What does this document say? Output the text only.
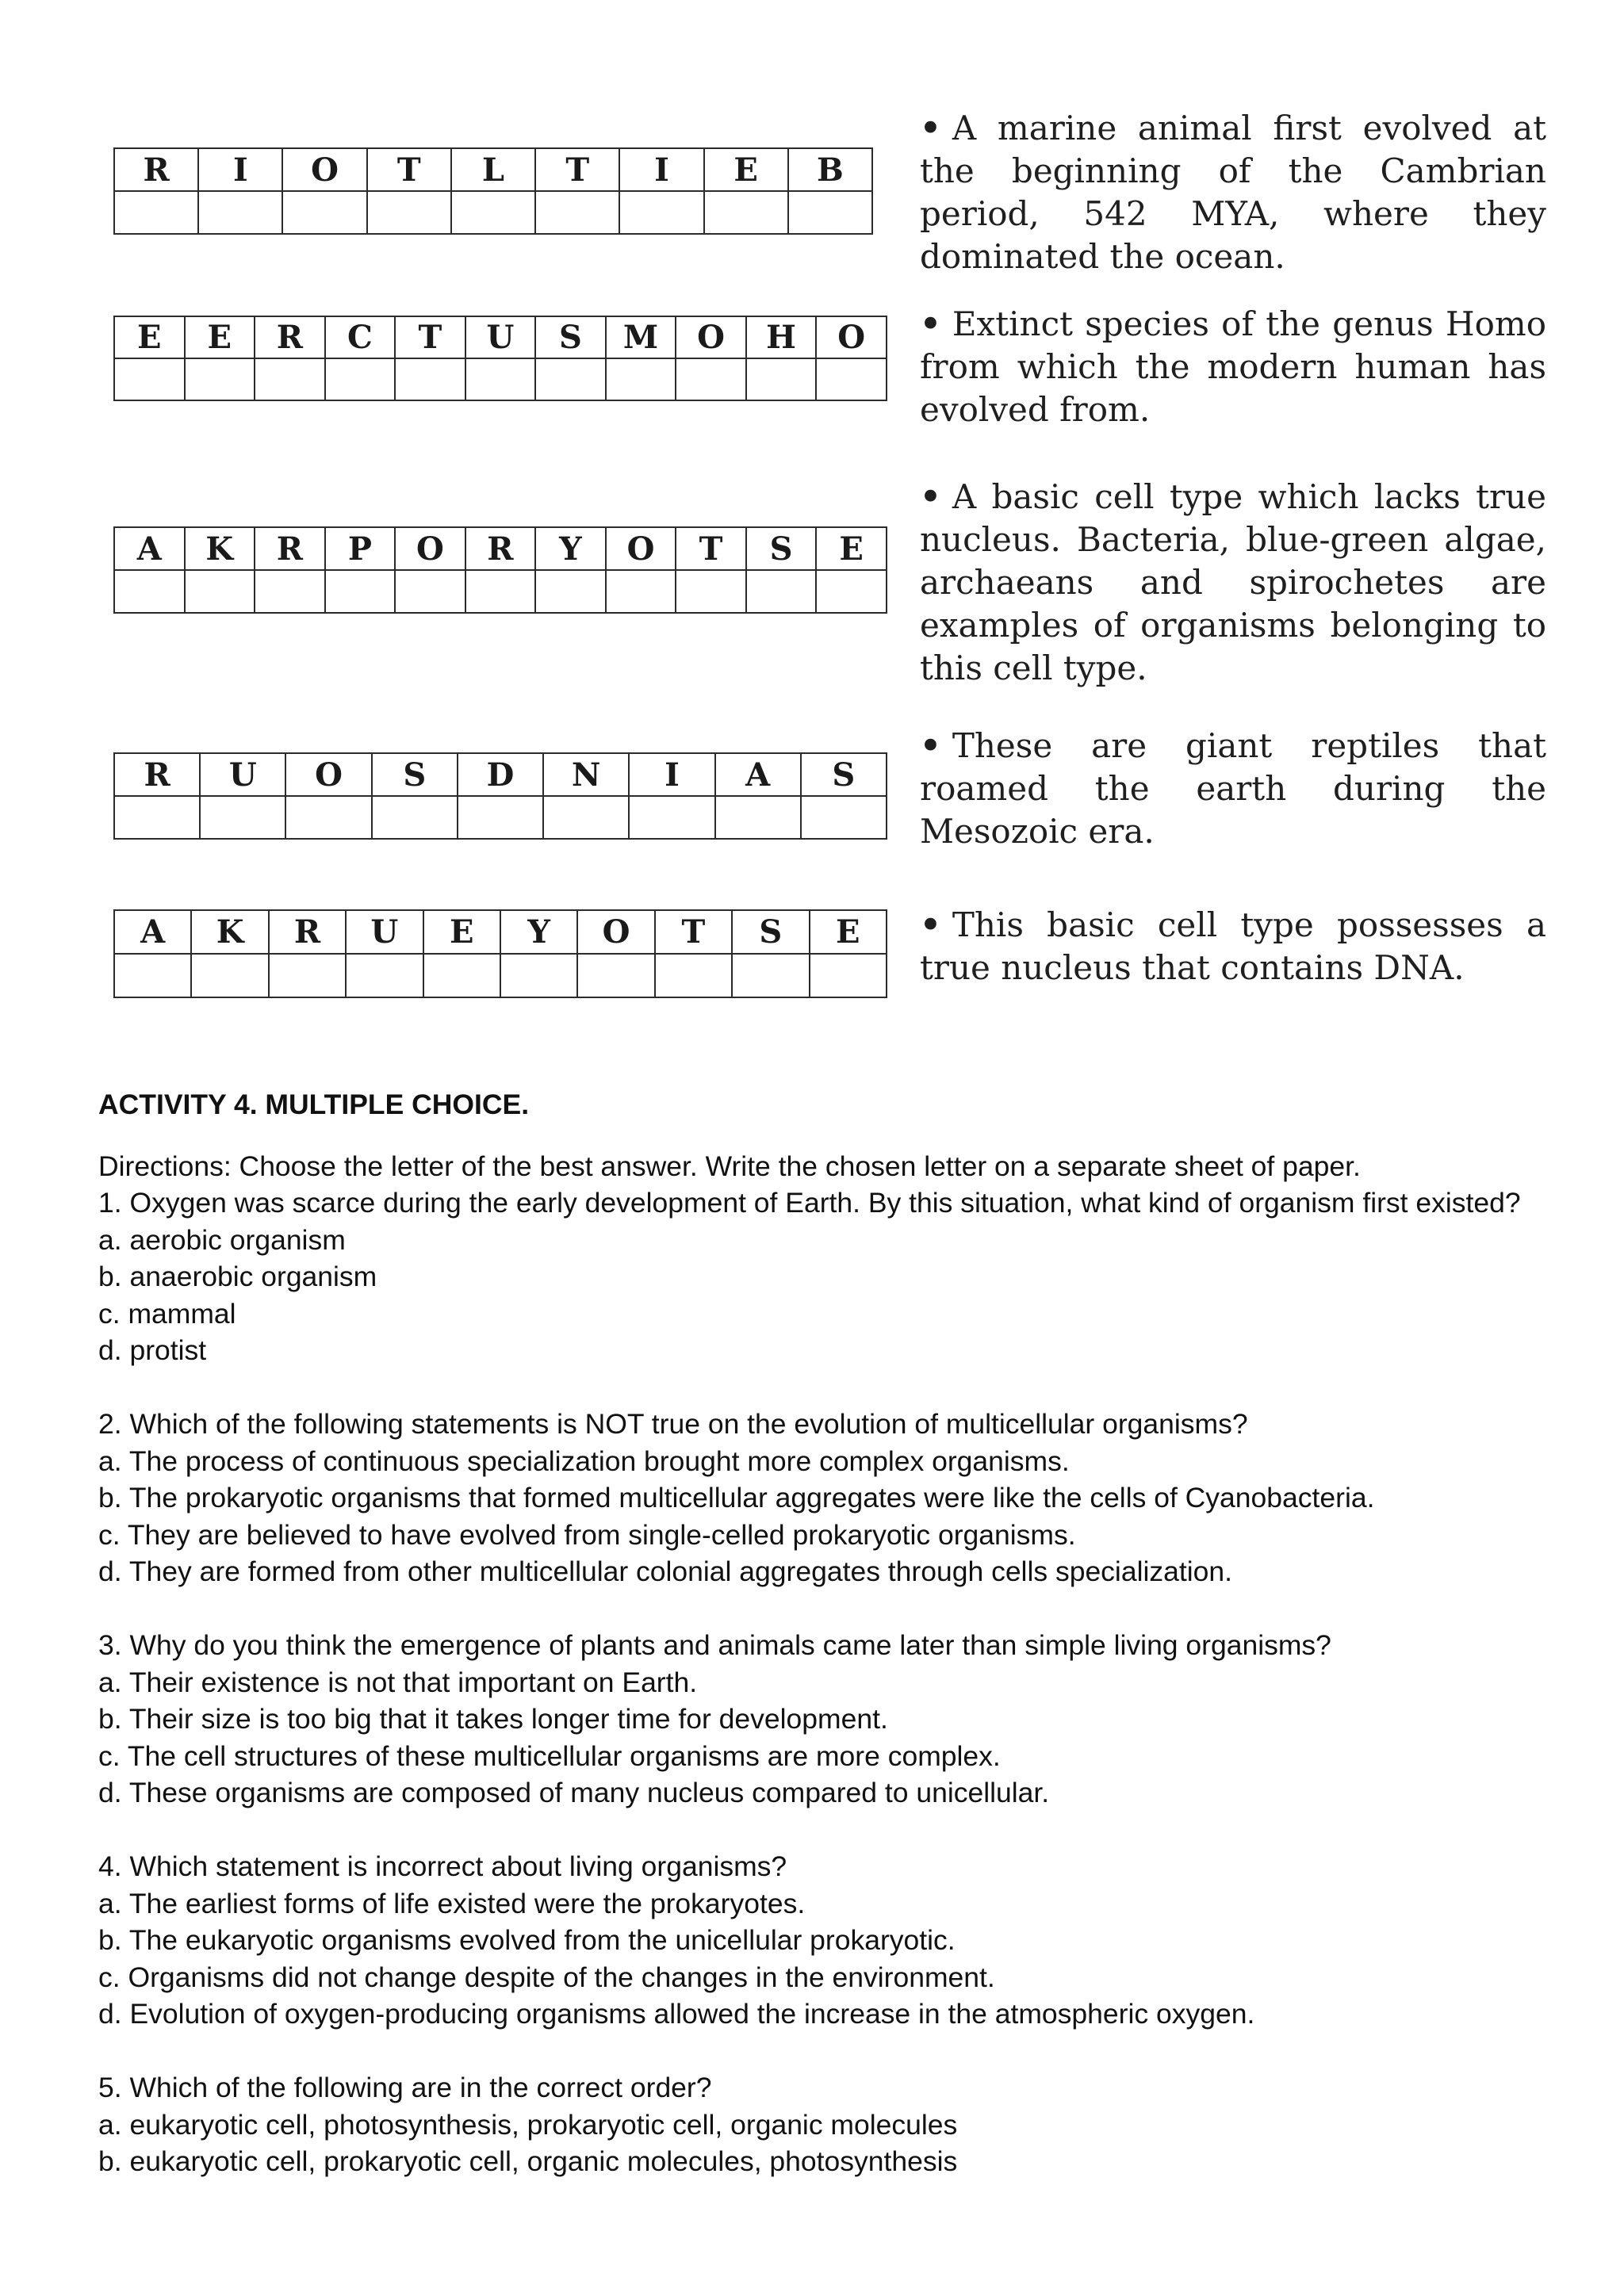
R	I	O	T	L	T	I	E	B

• A marine animal first evolved at the beginning of the Cambrian period, 542 MYA, where they dominated the ocean.
E	E	R	C	T	U	S	M	O	H	O
										• Extinct species of the genus Homo from which the modern human has evolved from.
A	K	R	P	O	R	Y	O	T	S	E

• A basic cell type which lacks true nucleus. Bacteria, blue-green algae, archaeans and spirochetes are examples of organisms belonging to this cell type.
R	U	O	S	D	N	I	A	S

• These are giant reptiles that roamed the earth during the Mesozoic era.
A	K	R	U	E	Y	O	T	S	E
									• This basic cell type possesses a true nucleus that contains DNA.
ACTIVITY 4. MULTIPLE CHOICE.
Directions: Choose the letter of the best answer. Write the chosen letter on a separate sheet of paper.
1. Oxygen was scarce during the early development of Earth. By this situation, what kind of organism first existed?
a. aerobic organism
b. anaerobic organism
c. mammal
d. protist
2. Which of the following statements is NOT true on the evolution of multicellular organisms?
a. The process of continuous specialization brought more complex organisms.
b. The prokaryotic organisms that formed multicellular aggregates were like the cells of Cyanobacteria.
c. They are believed to have evolved from single-celled prokaryotic organisms.
d. They are formed from other multicellular colonial aggregates through cells specialization.
3. Why do you think the emergence of plants and animals came later than simple living organisms?
a. Their existence is not that important on Earth.
b. Their size is too big that it takes longer time for development.
c. The cell structures of these multicellular organisms are more complex.
d. These organisms are composed of many nucleus compared to unicellular.
4. Which statement is incorrect about living organisms?
a. The earliest forms of life existed were the prokaryotes.
b. The eukaryotic organisms evolved from the unicellular prokaryotic.
c. Organisms did not change despite of the changes in the environment.
d. Evolution of oxygen-producing organisms allowed the increase in the atmospheric oxygen.
5. Which of the following are in the correct order?
a. eukaryotic cell, photosynthesis, prokaryotic cell, organic molecules
b. eukaryotic cell, prokaryotic cell, organic molecules, photosynthesis
